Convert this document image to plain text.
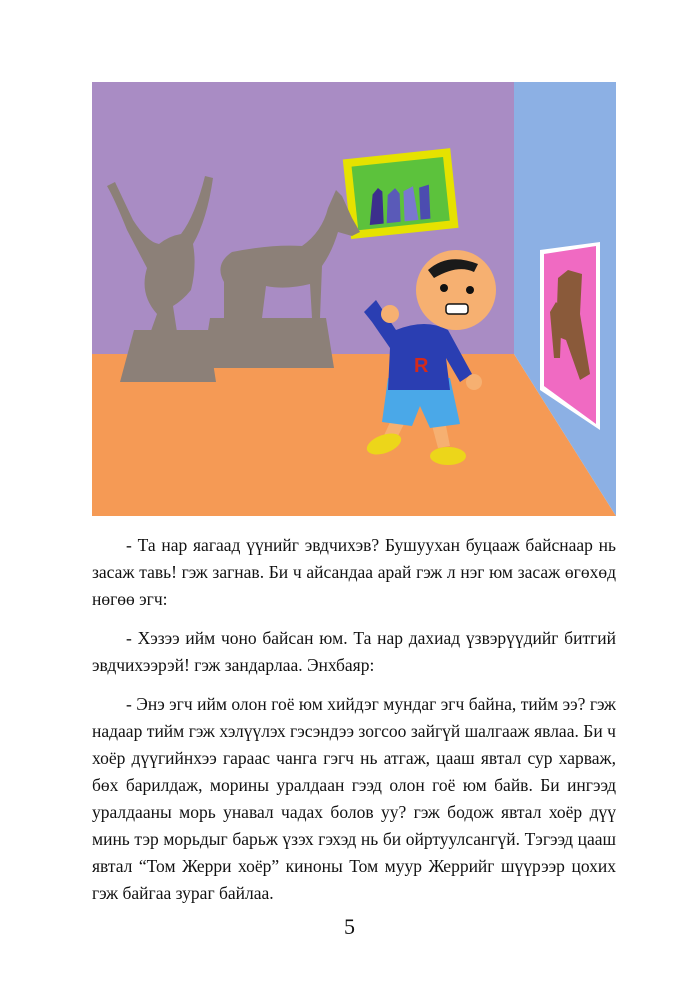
R

- Та нар яагаад үүнийг эвдчихэв? Бушуухан буцааж байснаар нь засаж тавь! гэж загнав. Би ч айсандаа арай гэж л нэг юм засаж өгөхөд нөгөө эгч:

- Хэзээ ийм чоно байсан юм. Та нар дахиад үзвэрүүдийг битгий эвдчихээрэй! гэж зандарлаа. Энхбаяр:

- Энэ эгч ийм олон гоё юм хийдэг мундаг эгч байна, тийм ээ? гэж надаар тийм гэж хэлүүлэх гэсэндээ зогсоо зайгүй шалгааж явлаа. Би ч хоёр дүүгийнхээ гараас чанга гэгч нь атгаж, цааш явтал сур харваж, бөх барилдаж, морины уралдаан гээд олон гоё юм байв. Би ингээд уралдааны морь унавал чадах болов уу? гэж бодож явтал хоёр дүү минь тэр морьдыг барьж үзэх гэхэд нь би ойртуулсангүй. Тэгээд цааш явтал “Том Жерри хоёр” киноны Том муур Жеррийг шүүрээр цохих гэж байгаа зураг байлаа.

5
